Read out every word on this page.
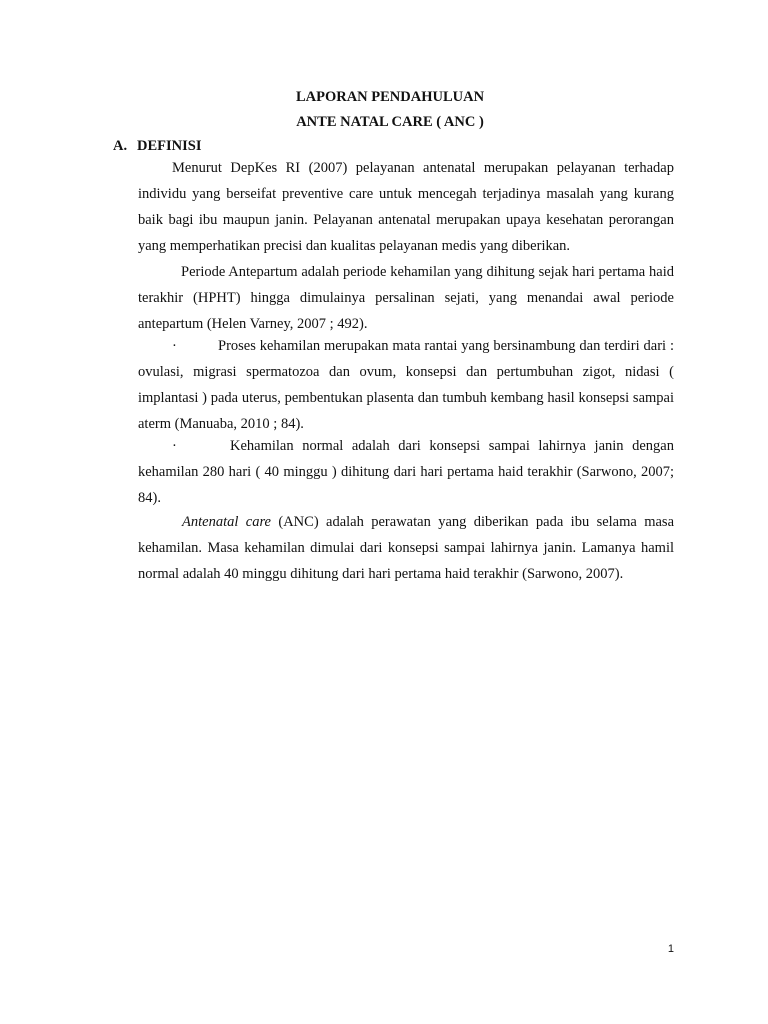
LAPORAN PENDAHULUAN
ANTE NATAL CARE ( ANC )
A. DEFINISI
Menurut DepKes RI (2007) pelayanan antenatal merupakan pelayanan terhadap individu yang berseifat preventive care untuk mencegah terjadinya masalah yang kurang baik bagi ibu maupun janin. Pelayanan antenatal merupakan upaya kesehatan perorangan yang memperhatikan precisi dan kualitas pelayanan medis yang diberikan.
Periode Antepartum adalah periode kehamilan yang dihitung sejak hari pertama haid terakhir (HPHT) hingga dimulainya persalinan sejati, yang menandai awal periode antepartum (Helen Varney, 2007 ; 492).
·	Proses kehamilan merupakan mata rantai yang bersinambung dan terdiri dari : ovulasi, migrasi spermatozoa dan ovum, konsepsi dan pertumbuhan zigot, nidasi ( implantasi ) pada uterus, pembentukan plasenta dan tumbuh kembang hasil konsepsi sampai aterm (Manuaba, 2010 ; 84).
·	Kehamilan normal adalah dari konsepsi sampai lahirnya janin dengan kehamilan 280 hari ( 40 minggu ) dihitung dari hari pertama haid terakhir (Sarwono, 2007; 84).
Antenatal care (ANC) adalah perawatan yang diberikan pada ibu selama masa kehamilan. Masa kehamilan dimulai dari konsepsi sampai lahirnya janin. Lamanya hamil normal adalah 40 minggu dihitung dari hari pertama haid terakhir (Sarwono, 2007).
1
